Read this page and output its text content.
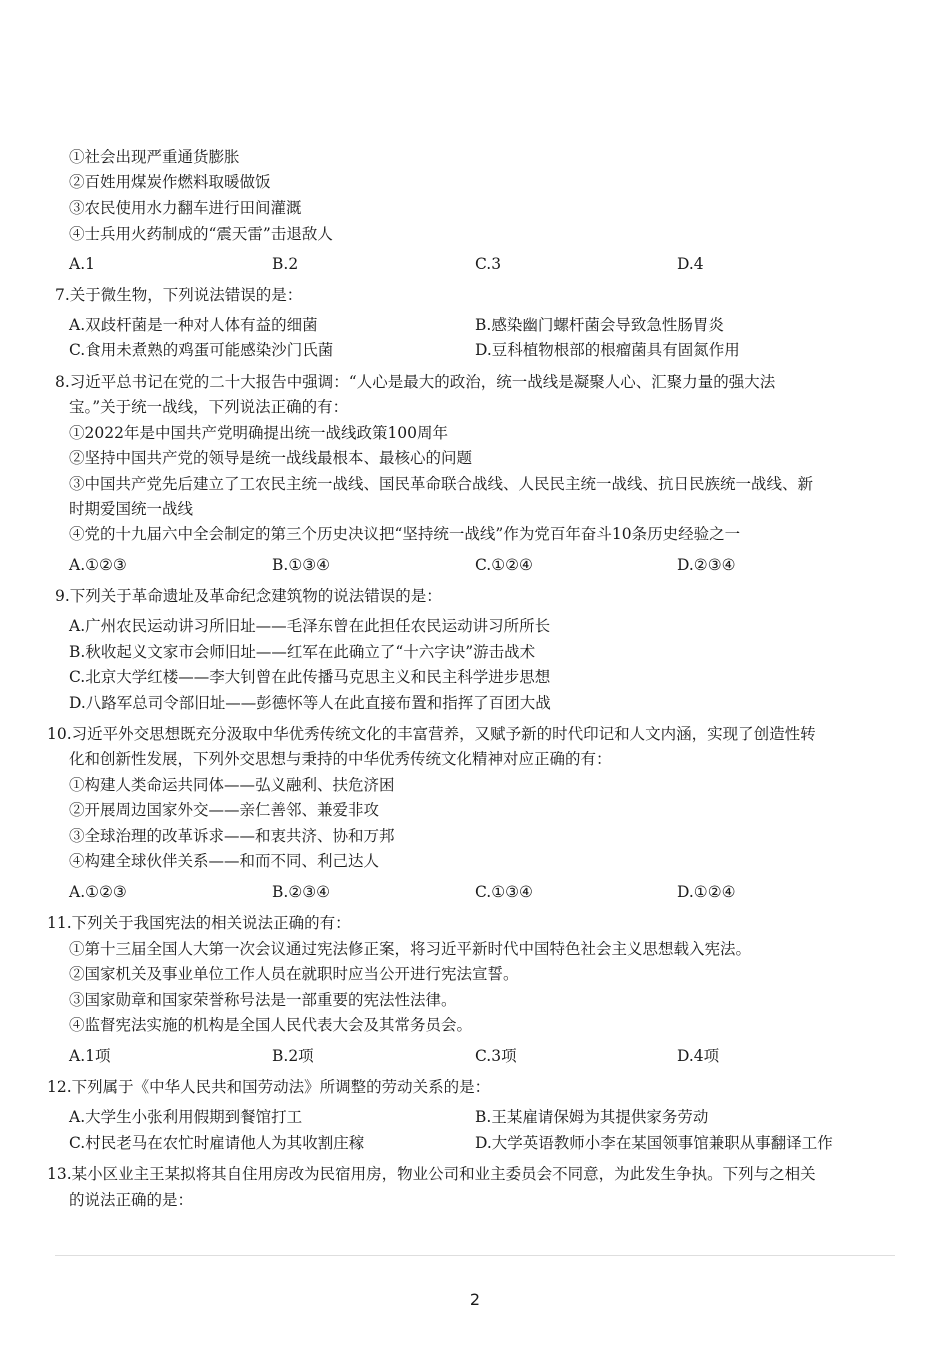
①社会出现严重通货膨胀
②百姓用煤炭作燃料取暖做饭
③农民使用水力翻车进行田间灌溉
④士兵用火药制成的“震天雷”击退敌人
A.1	B.2	C.3	D.4
7.关于微生物，下列说法错误的是：
A.双歧杆菌是一种对人体有益的细菌	B.感染幽门螺杆菌会导致急性肠胃炎
C.食用未煮熟的鸡蛋可能感染沙门氏菌	D.豆科植物根部的根瘤菌具有固氮作用
8.习近平总书记在党的二十大报告中强调：“人心是最大的政治，统一战线是凝聚人心、汇聚力量的强大法
宝。”关于统一战线，下列说法正确的有：
①2022年是中国共产党明确提出统一战线政策100周年
②坚持中国共产党的领导是统一战线最根本、最核心的问题
③中国共产党先后建立了工农民主统一战线、国民革命联合战线、人民民主统一战线、抗日民族统一战线、新
时期爱国统一战线
④党的十九届六中全会制定的第三个历史决议把“坚持统一战线”作为党百年奋斗10条历史经验之一
A.①②③	B.①③④	C.①②④	D.②③④
9.下列关于革命遗址及革命纪念建筑物的说法错误的是：
A.广州农民运动讲习所旧址——毛泽东曾在此担任农民运动讲习所所长
B.秋收起义文家市会师旧址——红军在此确立了“十六字诀”游击战术
C.北京大学红楼——李大钊曾在此传播马克思主义和民主科学进步思想
D.八路军总司令部旧址——彭德怀等人在此直接布置和指挥了百团大战
10.习近平外交思想既充分汲取中华优秀传统文化的丰富营养，又赋予新的时代印记和人文内涵，实现了创造性转
化和创新性发展，下列外交思想与秉持的中华优秀传统文化精神对应正确的有：
①构建人类命运共同体——弘义融利、扶危济困
②开展周边国家外交——亲仁善邻、兼爱非攻
③全球治理的改革诉求——和衷共济、协和万邦
④构建全球伙伴关系——和而不同、利己达人
A.①②③	B.②③④	C.①③④	D.①②④
11.下列关于我国宪法的相关说法正确的有：
①第十三届全国人大第一次会议通过宪法修正案，将习近平新时代中国特色社会主义思想载入宪法。
②国家机关及事业单位工作人员在就职时应当公开进行宪法宣誓。
③国家勋章和国家荣誉称号法是一部重要的宪法性法律。
④监督宪法实施的机构是全国人民代表大会及其常务员会。
A.1项	B.2项	C.3项	D.4项
12.下列属于《中华人民共和国劳动法》所调整的劳动关系的是：
A.大学生小张利用假期到餐馆打工	B.王某雇请保姆为其提供家务劳动
C.村民老马在农忙时雇请他人为其收割庄稼	D.大学英语教师小李在某国领事馆兼职从事翻译工作
13.某小区业主王某拟将其自住用房改为民宿用房，物业公司和业主委员会不同意，为此发生争执。下列与之相关
的说法正确的是：
2
